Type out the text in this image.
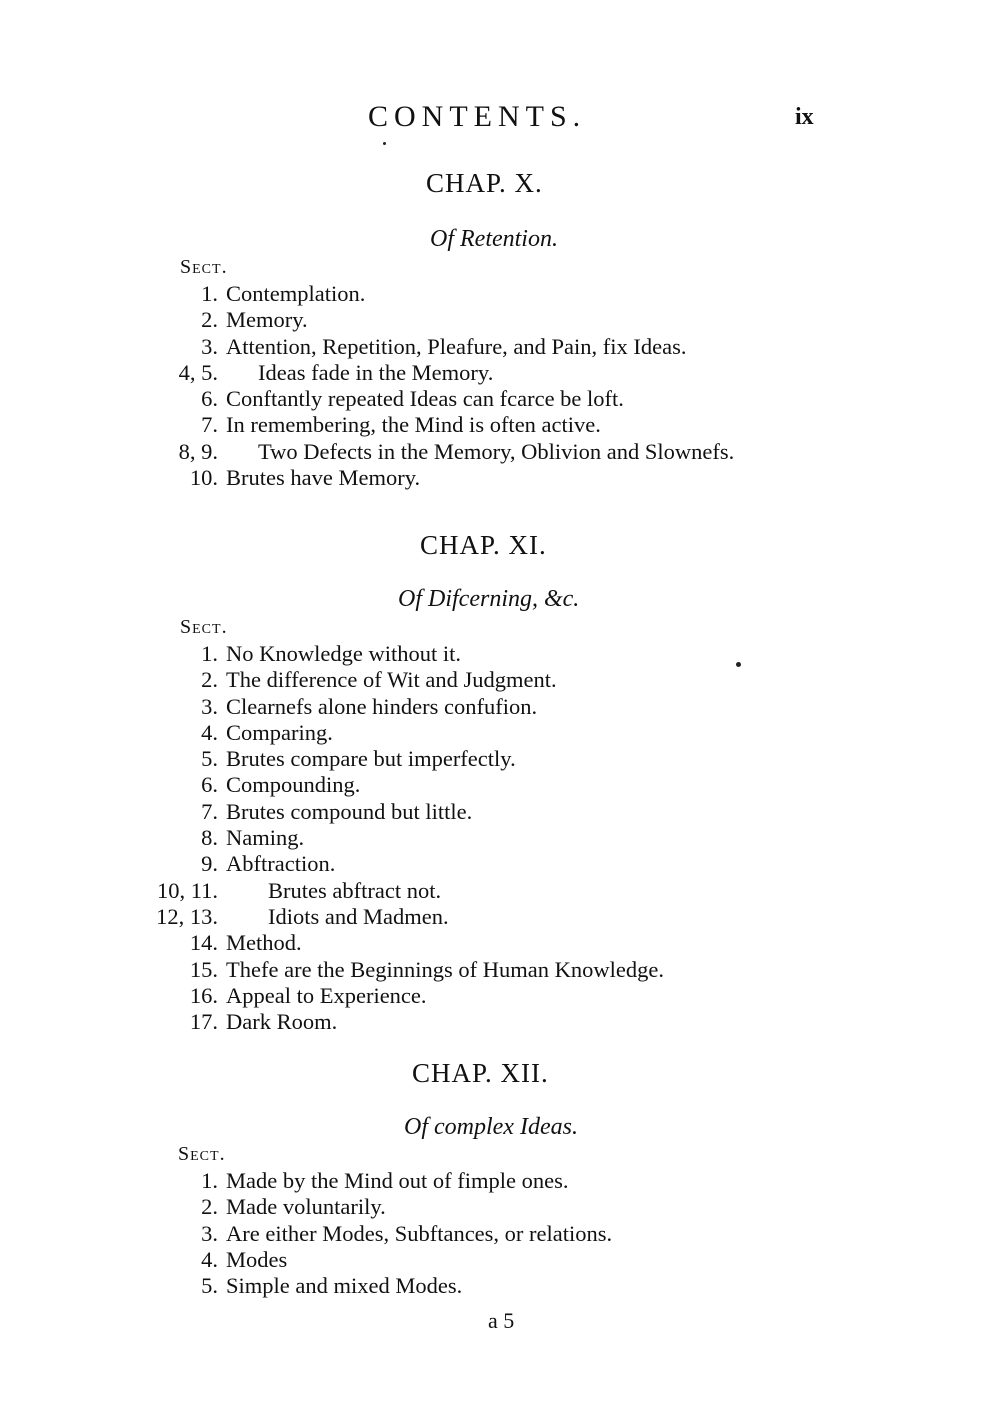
CONTENTS.	ix
CHAP. X.
Of Retention.
Sect.
1. Contemplation.
2. Memory.
3. Attention, Repetition, Pleafure, and Pain, fix Ideas.
4, 5. Ideas fade in the Memory.
6. Conftantly repeated Ideas can fcarce be loft.
7. In remembering, the Mind is often active.
8, 9. Two Defects in the Memory, Oblivion and Slownefs.
10. Brutes have Memory.
CHAP. XI.
Of Difcerning, &c.
Sect.
1. No Knowledge without it.
2. The difference of Wit and Judgment.
3. Clearnefs alone hinders confufion.
4. Comparing.
5. Brutes compare but imperfectly.
6. Compounding.
7. Brutes compound but little.
8. Naming.
9. Abftraction.
10, 11. Brutes abftract not.
12, 13. Idiots and Madmen.
14. Method.
15. Thefe are the Beginnings of Human Knowledge.
16. Appeal to Experience.
17. Dark Room.
CHAP. XII.
Of complex Ideas.
Sect.
1. Made by the Mind out of fimple ones.
2. Made voluntarily.
3. Are either Modes, Subftances, or relations.
4. Modes
5. Simple and mixed Modes.
a 5
